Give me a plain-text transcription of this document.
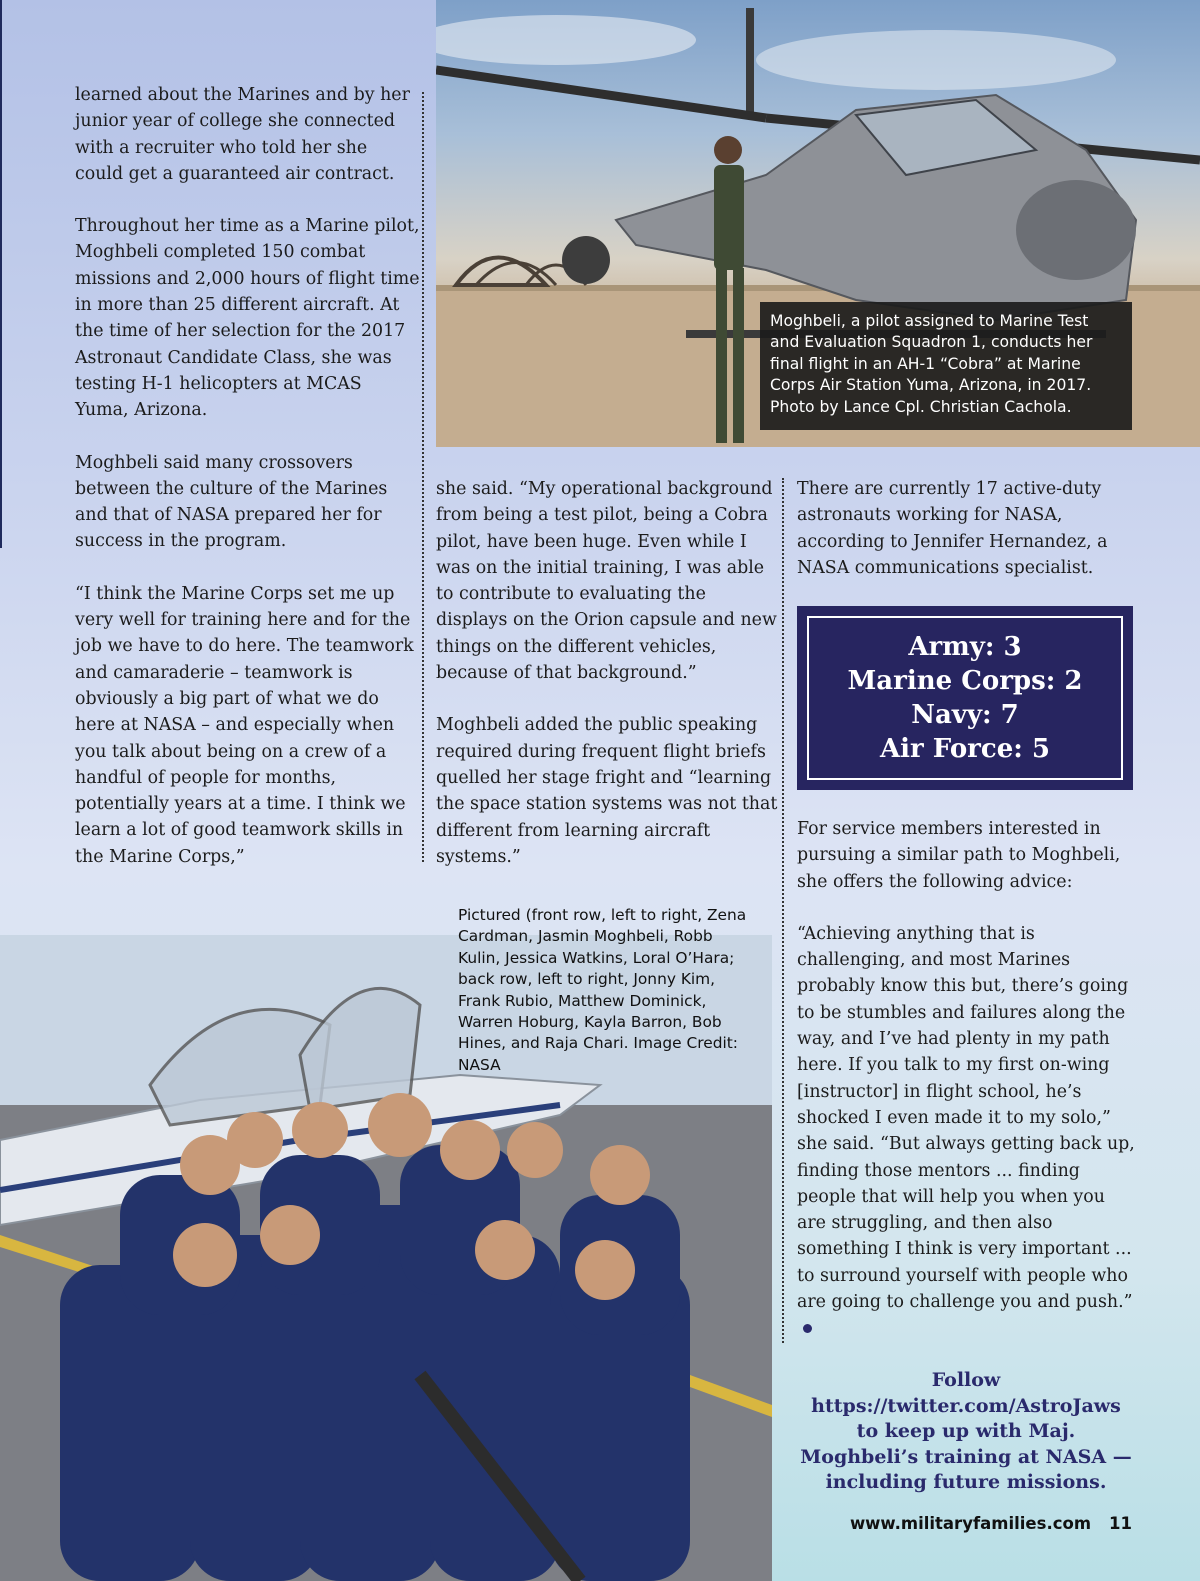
Moghbeli, a pilot assigned to Marine Test and Evaluation Squadron 1, conducts her final flight in an AH-1 “Cobra” at Marine Corps Air Station Yuma, Arizona, in 2017. Photo by Lance Cpl. Christian Cachola.

learned about the Marines and by her junior year of college she connected with a recruiter who told her she could get a guaranteed air contract.

Throughout her time as a Marine pilot, Moghbeli completed 150 combat missions and 2,000 hours of flight time in more than 25 different aircraft. At the time of her selection for the 2017 Astronaut Candidate Class, she was testing H-1 helicopters at MCAS Yuma, Arizona.

Moghbeli said many crossovers between the culture of the Marines and that of NASA prepared her for success in the program.

“I think the Marine Corps set me up very well for training here and for the job we have to do here. The teamwork and camaraderie – teamwork is obviously a big part of what we do here at NASA – and especially when you talk about being on a crew of a handful of people for months, potentially years at a time. I think we learn a lot of good teamwork skills in the Marine Corps,”

she said. “My operational background from being a test pilot, being a Cobra pilot, have been huge. Even while I was on the initial training, I was able to contribute to evaluating the displays on the Orion capsule and new things on the different vehicles, because of that background.”

Moghbeli added the public speaking required during frequent flight briefs quelled her stage fright and “learning the space station systems was not that different from learning aircraft systems.”

There are currently 17 active-duty astronauts working for NASA, according to Jennifer Hernandez, a NASA communications specialist.

Army: 3
Marine Corps: 2
Navy: 7
Air Force: 5

For service members interested in pursuing a similar path to Moghbeli, she offers the following advice:

“Achieving anything that is challenging, and most Marines probably know this but, there’s going to be stumbles and failures along the way, and I’ve had plenty in my path here. If you talk to my first on-wing [instructor] in flight school, he’s shocked I even made it to my solo,” she said. “But always getting back up, finding those mentors ... finding people that will help you when you are struggling, and then also something I think is very important ... to surround yourself with people who are going to challenge you and push.”

Pictured (front row, left to right, Zena Cardman, Jasmin Moghbeli, Robb Kulin, Jessica Watkins, Loral O’Hara; back row, left to right, Jonny Kim, Frank Rubio, Matthew Dominick, Warren Hoburg, Kayla Barron, Bob Hines, and Raja Chari. Image Credit: NASA
Follow https://twitter.com/AstroJaws to keep up with Maj. Moghbeli’s training at NASA — including future missions.
www.militaryfamilies.com 11
